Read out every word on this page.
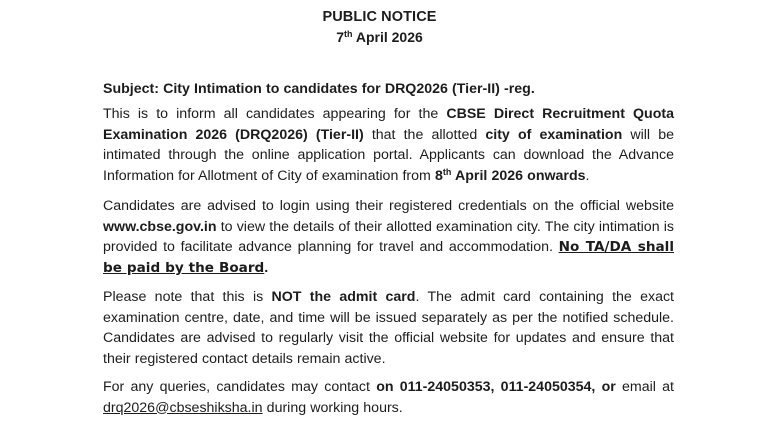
PUBLIC NOTICE
7th April 2026
Subject: City Intimation to candidates for DRQ2026 (Tier-II) -reg.
This is to inform all candidates appearing for the CBSE Direct Recruitment Quota Examination 2026 (DRQ2026) (Tier-II) that the allotted city of examination will be intimated through the online application portal. Applicants can download the Advance Information for Allotment of City of examination from 8th April 2026 onwards.
Candidates are advised to login using their registered credentials on the official website www.cbse.gov.in to view the details of their allotted examination city. The city intimation is provided to facilitate advance planning for travel and accommodation. No TA/DA shall be paid by the Board.
Please note that this is NOT the admit card. The admit card containing the exact examination centre, date, and time will be issued separately as per the notified schedule. Candidates are advised to regularly visit the official website for updates and ensure that their registered contact details remain active.
For any queries, candidates may contact on 011-24050353, 011-24050354, or email at drq2026@cbseshiksha.in during working hours.
